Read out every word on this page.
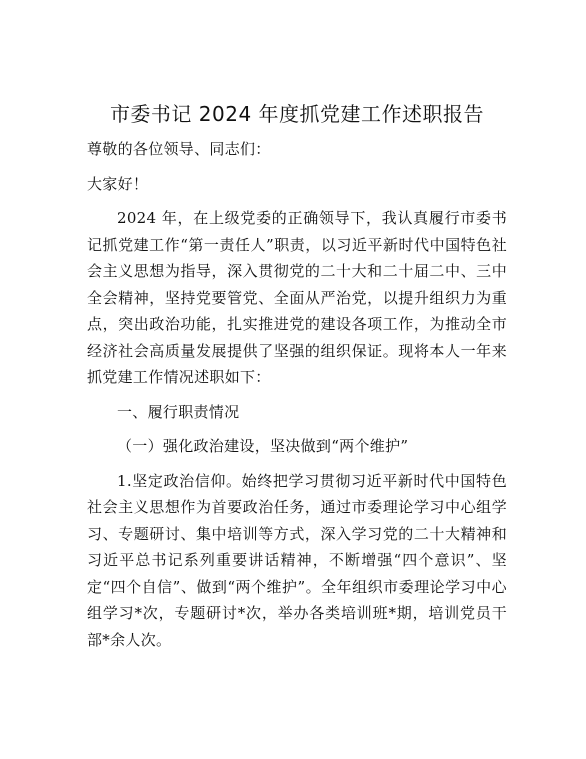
市委书记 2024 年度抓党建工作述职报告

尊敬的各位领导、同志们：

大家好！

2024 年，在上级党委的正确领导下，我认真履行市委书记抓党建工作“第一责任人”职责，以习近平新时代中国特色社会主义思想为指导，深入贯彻党的二十大和二十届二中、三中全会精神，坚持党要管党、全面从严治党，以提升组织力为重点，突出政治功能，扎实推进党的建设各项工作，为推动全市经济社会高质量发展提供了坚强的组织保证。现将本人一年来抓党建工作情况述职如下：

一、履行职责情况

（一）强化政治建设，坚决做到“两个维护”

1.坚定政治信仰。始终把学习贯彻习近平新时代中国特色社会主义思想作为首要政治任务，通过市委理论学习中心组学习、专题研讨、集中培训等方式，深入学习党的二十大精神和习近平总书记系列重要讲话精神，不断增强“四个意识”、坚定“四个自信”、做到“两个维护”。全年组织市委理论学习中心组学习*次，专题研讨*次，举办各类培训班*期，培训党员干部*余人次。
